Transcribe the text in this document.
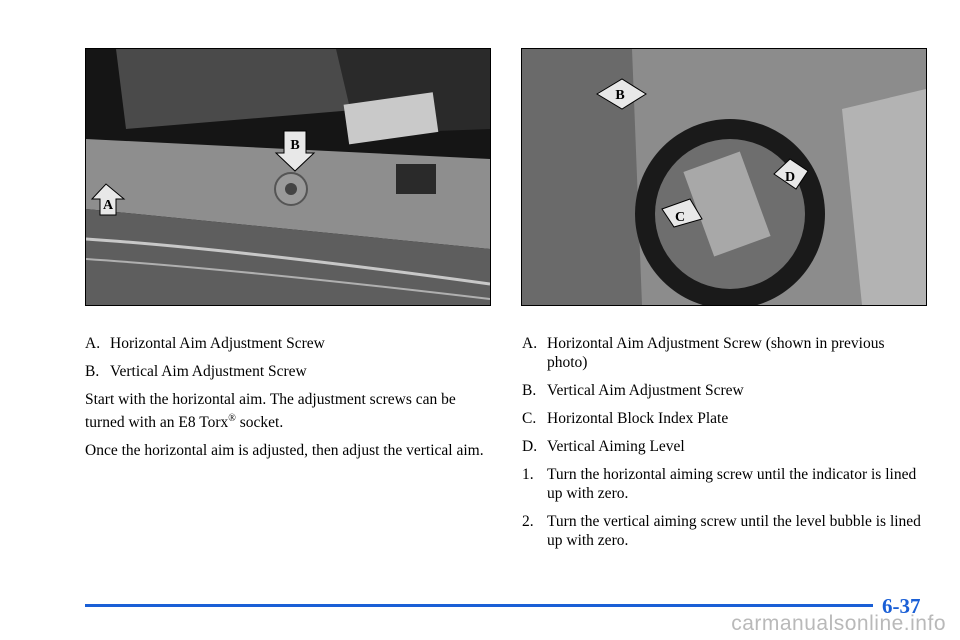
A
B
B
C
D
A. Horizontal Aim Adjustment Screw
B. Vertical Aim Adjustment Screw

Start with the horizontal aim. The adjustment screws can be turned with an E8 Torx® socket.

Once the horizontal aim is adjusted, then adjust the vertical aim.

A. Horizontal Aim Adjustment Screw (shown in previous photo)
B. Vertical Aim Adjustment Screw
C. Horizontal Block Index Plate
D. Vertical Aiming Level
1. Turn the horizontal aiming screw until the indicator is lined up with zero.
2. Turn the vertical aiming screw until the level bubble is lined up with zero.
6-37
carmanualsonline.info
